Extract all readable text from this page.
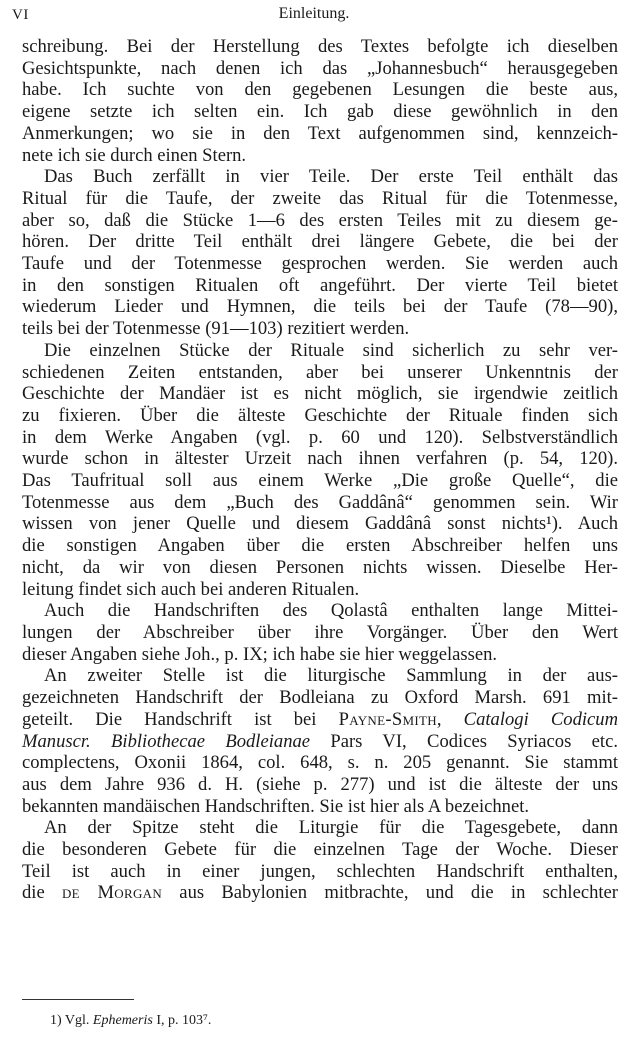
VI	Einleitung.
schreibung. Bei der Herstellung des Textes befolgte ich dieselben
Gesichtspunkte, nach denen ich das „Johannesbuch“ herausgegeben
habe. Ich suchte von den gegebenen Lesungen die beste aus,
eigene setzte ich selten ein. Ich gab diese gewöhnlich in den
Anmerkungen; wo sie in den Text aufgenommen sind, kennzeich-
nete ich sie durch einen Stern.
Das Buch zerfällt in vier Teile. Der erste Teil enthält das
Ritual für die Taufe, der zweite das Ritual für die Totenmesse,
aber so, daß die Stücke 1—6 des ersten Teiles mit zu diesem ge-
hören. Der dritte Teil enthält drei längere Gebete, die bei der
Taufe und der Totenmesse gesprochen werden. Sie werden auch
in den sonstigen Ritualen oft angeführt. Der vierte Teil bietet
wiederum Lieder und Hymnen, die teils bei der Taufe (78—90),
teils bei der Totenmesse (91—103) rezitiert werden.
Die einzelnen Stücke der Rituale sind sicherlich zu sehr ver-
schiedenen Zeiten entstanden, aber bei unserer Unkenntnis der
Geschichte der Mandäer ist es nicht möglich, sie irgendwie zeitlich
zu fixieren. Über die älteste Geschichte der Rituale finden sich
in dem Werke Angaben (vgl. p. 60 und 120). Selbstverständlich
wurde schon in ältester Urzeit nach ihnen verfahren (p. 54, 120).
Das Taufritual soll aus einem Werke „Die große Quelle“, die
Totenmesse aus dem „Buch des Gaddânâ“ genommen sein. Wir
wissen von jener Quelle und diesem Gaddânâ sonst nichts¹). Auch
die sonstigen Angaben über die ersten Abschreiber helfen uns
nicht, da wir von diesen Personen nichts wissen. Dieselbe Her-
leitung findet sich auch bei anderen Ritualen.
Auch die Handschriften des Qolastâ enthalten lange Mittei-
lungen der Abschreiber über ihre Vorgänger. Über den Wert
dieser Angaben siehe Joh., p. IX; ich habe sie hier weggelassen.
An zweiter Stelle ist die liturgische Sammlung in der aus-
gezeichneten Handschrift der Bodleiana zu Oxford Marsh. 691 mit-
geteilt. Die Handschrift ist bei Payne-Smith, Catalogi Codicum
Manuscr. Bibliothecae Bodleianae Pars VI, Codices Syriacos etc.
complectens, Oxonii 1864, col. 648, s. n. 205 genannt. Sie stammt
aus dem Jahre 936 d. H. (siehe p. 277) und ist die älteste der uns
bekannten mandäischen Handschriften. Sie ist hier als A bezeichnet.
An der Spitze steht die Liturgie für die Tagesgebete, dann
die besonderen Gebete für die einzelnen Tage der Woche. Dieser
Teil ist auch in einer jungen, schlechten Handschrift enthalten,
die de Morgan aus Babylonien mitbrachte, und die in schlechter
1) Vgl. Ephemeris I, p. 103⁷.
